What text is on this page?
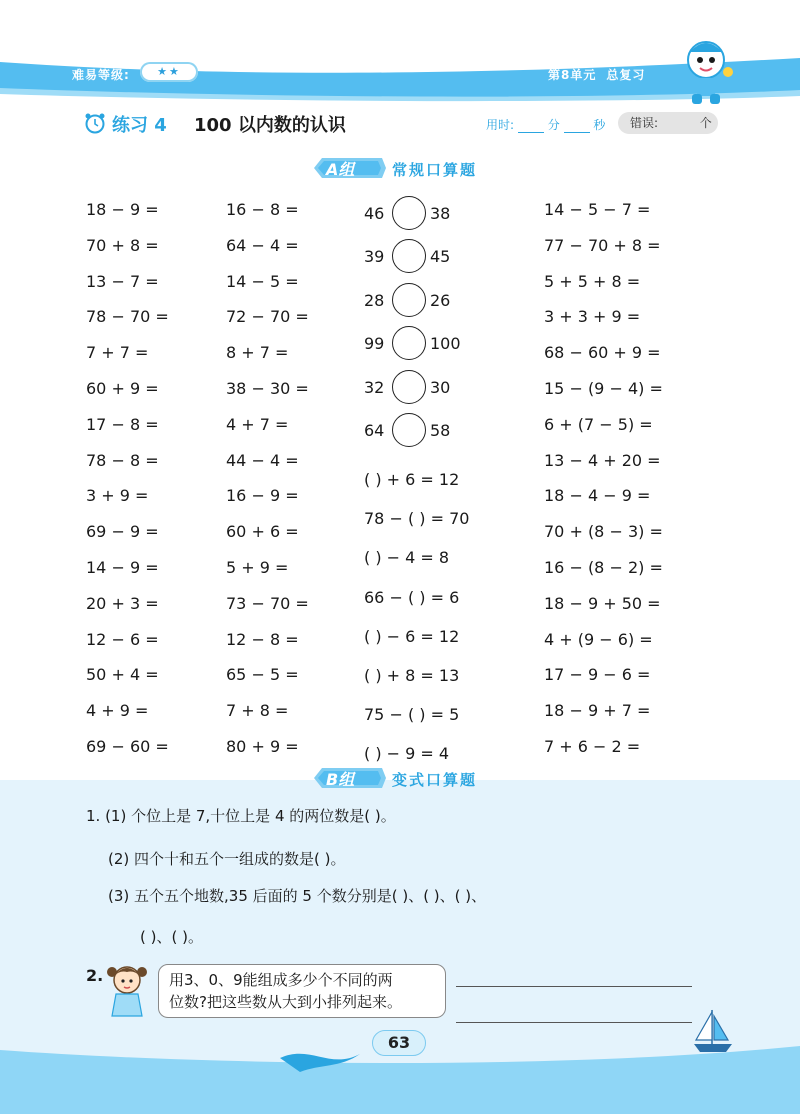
难易等级:	★★	第8单元 总复习
练习 4 100 以内数的认识	用时:	分	秒	错误:	个
A组	常规口算题
18 − 9 =
70 + 8 =
13 − 7 =
78 − 70 =
7 + 7 =
60 + 9 =
17 − 8 =
78 − 8 =
3 + 9 =
69 − 9 =
14 − 9 =
20 + 3 =
12 − 6 =
50 + 4 =
4 + 9 =
69 − 60 =
16 − 8 =
64 − 4 =
14 − 5 =
72 − 70 =
8 + 7 =
38 − 30 =
4 + 7 =
44 − 4 =
16 − 9 =
60 + 6 =
5 + 9 =
73 − 70 =
12 − 8 =
65 − 5 =
7 + 8 =
80 + 9 =
46	38
39	45
28	26
99	100
32	30
64	58
( ) + 6 = 12
78 − ( ) = 70
( ) − 4 = 8
66 − ( ) = 6
( ) − 6 = 12
( ) + 8 = 13
75 − ( ) = 5
( ) − 9 = 4
14 − 5 − 7 =
77 − 70 + 8 =
5 + 5 + 8 =
3 + 3 + 9 =
68 − 60 + 9 =
15 − (9 − 4) =
6 + (7 − 5) =
13 − 4 + 20 =
18 − 4 − 9 =
70 + (8 − 3) =
16 − (8 − 2) =
18 − 9 + 50 =
4 + (9 − 6) =
17 − 9 − 6 =
18 − 9 + 7 =
7 + 6 − 2 =
B组	变式口算题
1. (1) 个位上是 7,十位上是 4 的两位数是( )。
(2) 四个十和五个一组成的数是( )。
(3) 五个五个地数,35 后面的 5 个数分别是( )、( )、( )、
( )、( )。
2.	用3、0、9能组成多少个不同的两
位数?把这些数从大到小排列起来。
63
